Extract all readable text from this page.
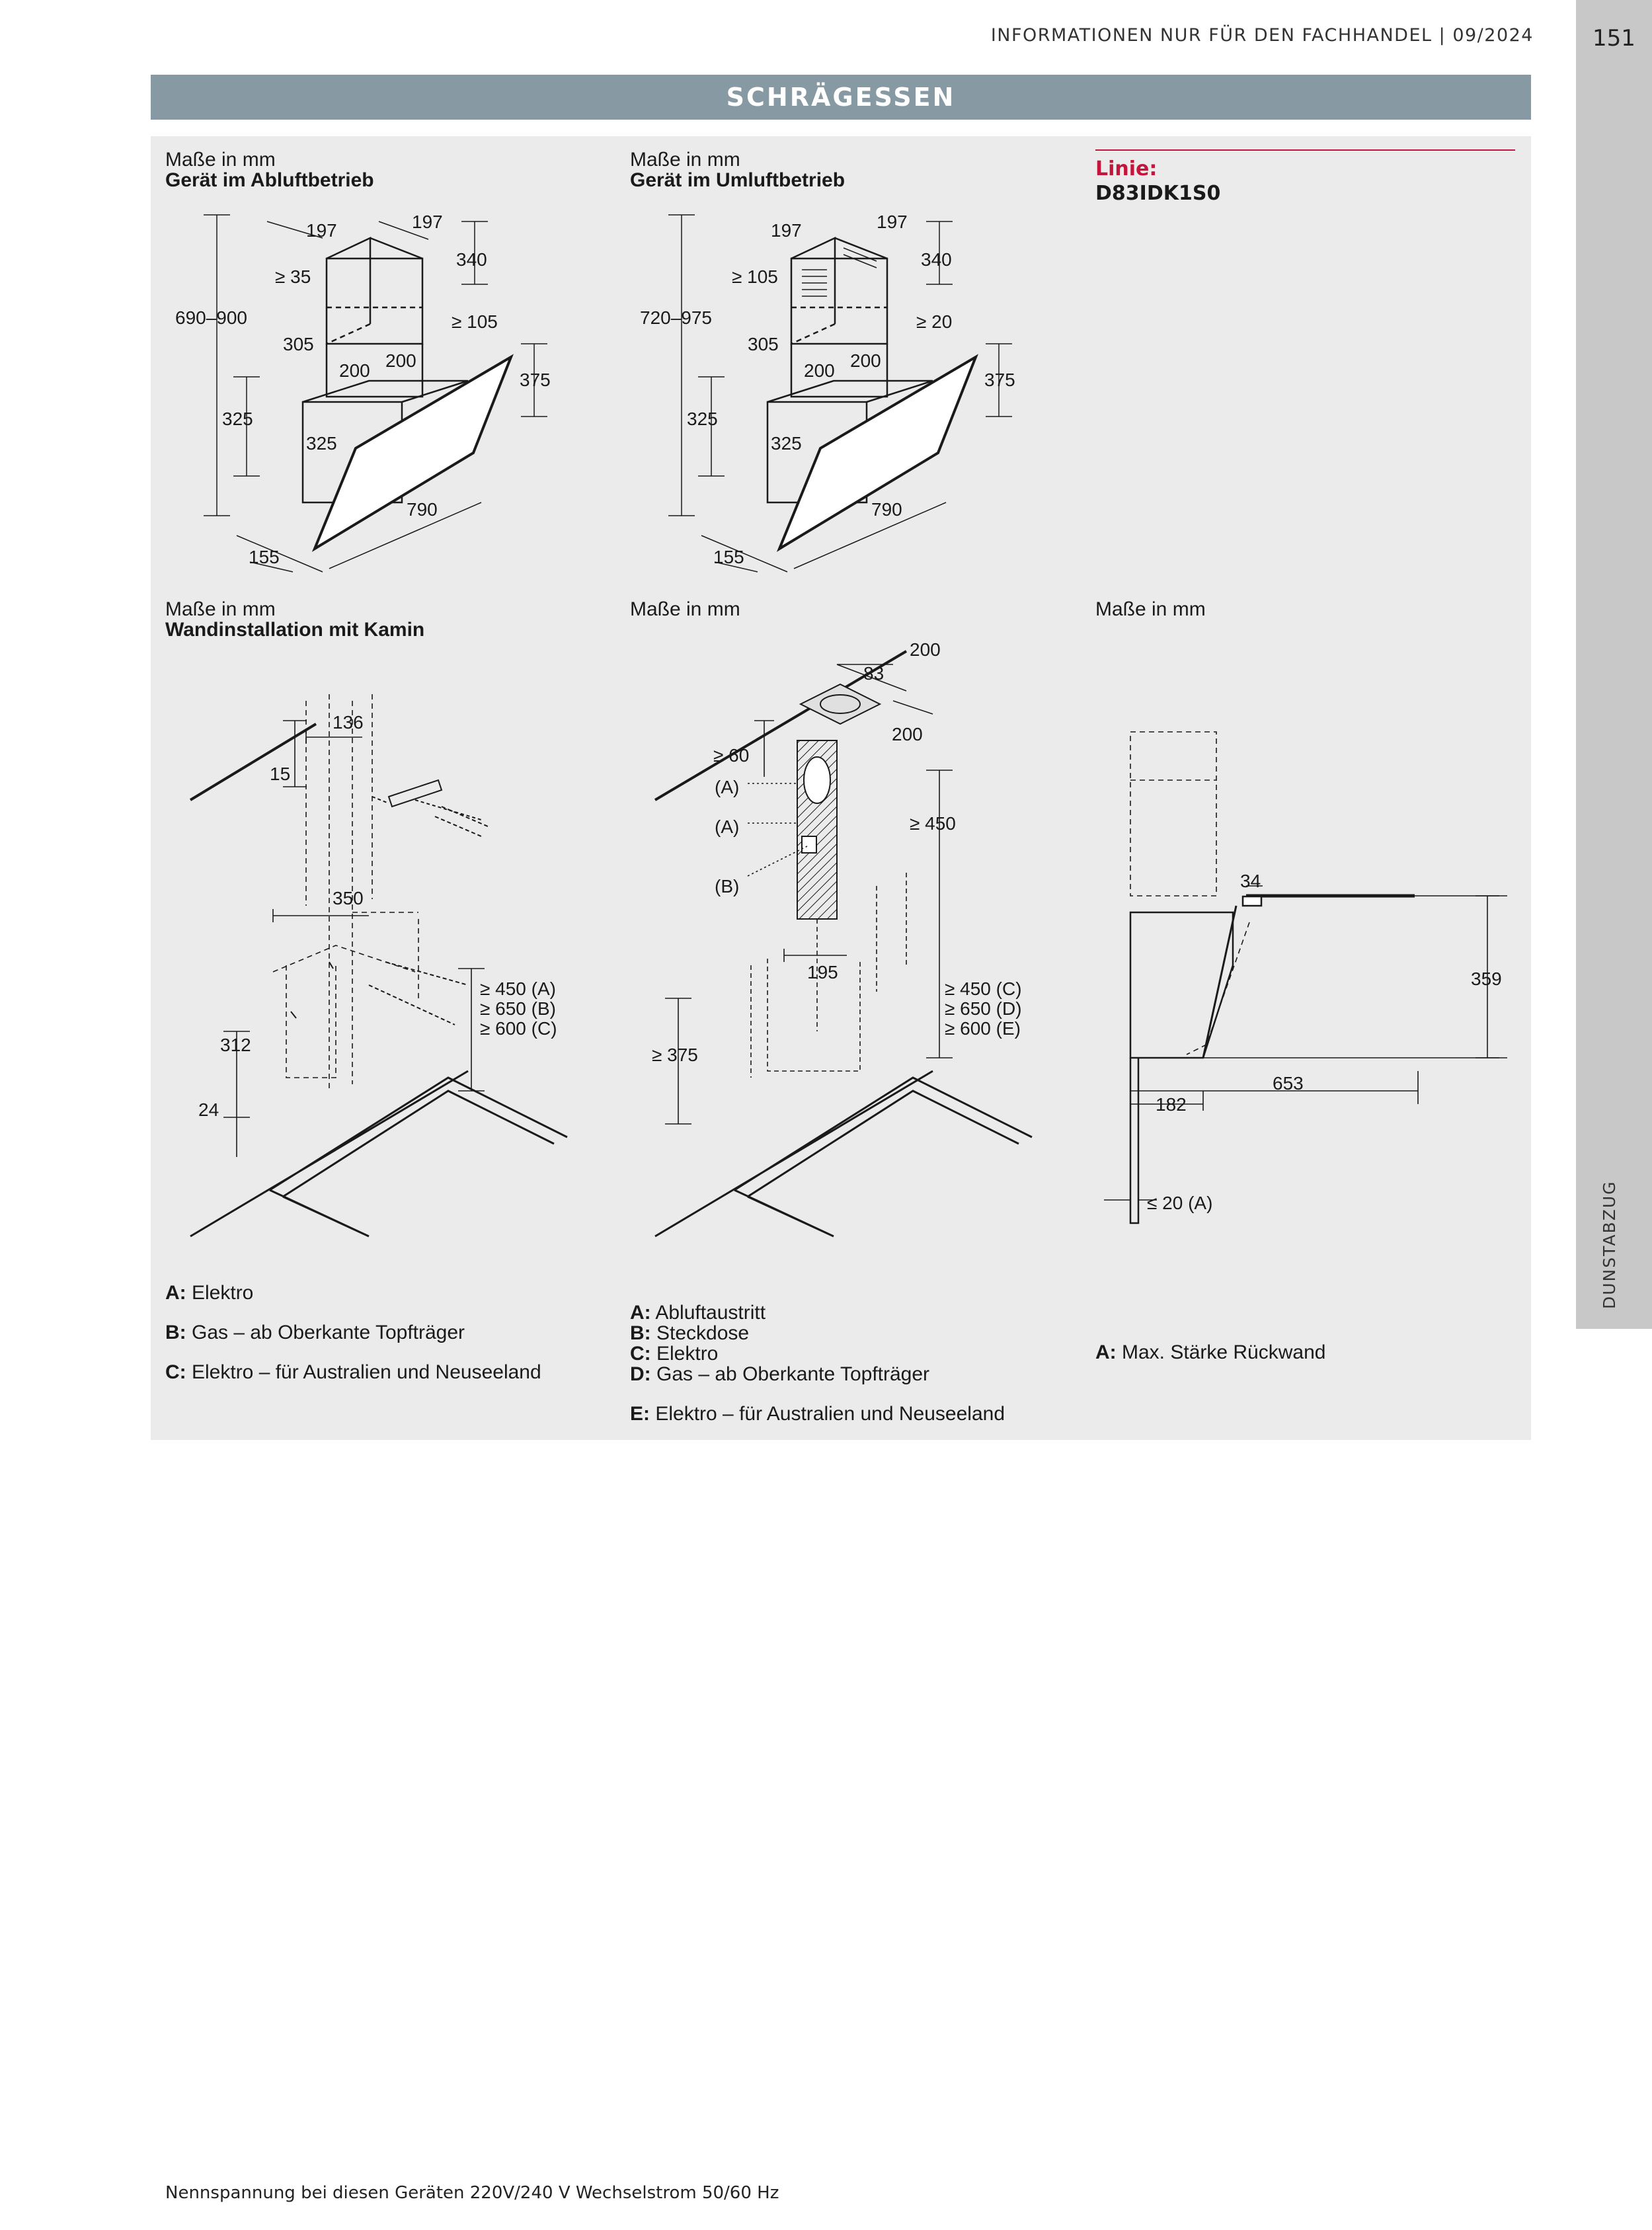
INFORMATIONEN NUR FÜR DEN FACHHANDEL | 09/2024	151
DUNSTABZUG
SCHRÄGESSEN
Maße in mm
Gerät im Abluftbetrieb
Maße in mm
Gerät im Umluftbetrieb	Linie:
D83IDK1S0
197	197
≥ 35
340
≥ 105
690–900
305
200 200
375
325
325
790
155
197	197
≥ 105
340
≥ 20
720–975
305
200 200
375
325
325
790
155
Maße in mm
Wandinstallation mit Kamin
Maße in mm	Maße in mm
136
15
350
312
24
≥ 450 (A)
≥ 650 (B)
≥ 600 (C)
200
83
≥ 60
200
(A)
(A)
(B)
≥ 450
195
≥ 375
≥ 450 (C)
≥ 650 (D)
≥ 600 (E)
34
359
653
182
≤ 20 (A)
A: Elektro
B: Gas – ab Oberkante Topfträger
C: Elektro – für Australien und Neuseeland
A: Abluftaustritt
B: Steckdose
C: Elektro
D: Gas – ab Oberkante Topfträger
E: Elektro – für Australien und Neuseeland
A: Max. Stärke Rückwand
Nennspannung bei diesen Geräten 220V/240 V Wechselstrom 50/60 Hz
